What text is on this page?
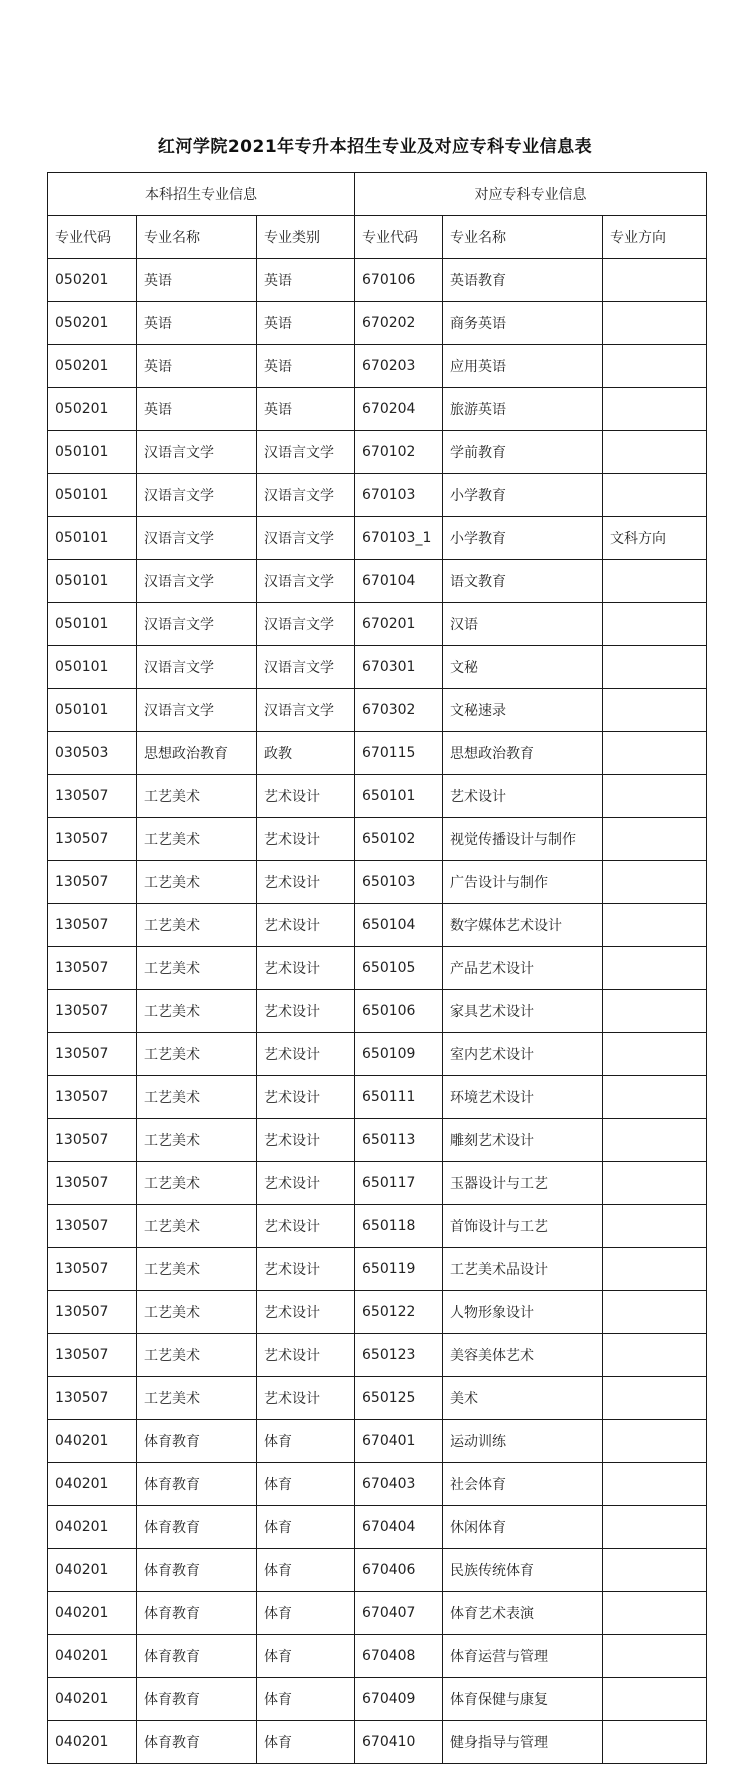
红河学院2021年专升本招生专业及对应专科专业信息表
本科招生专业信息			对应专科专业信息		
专业代码	专业名称	专业类别	专业代码	专业名称	专业方向
050201	英语	英语	670106	英语教育	
050201	英语	英语	670202	商务英语	
050201	英语	英语	670203	应用英语	
050201	英语	英语	670204	旅游英语	
050101	汉语言文学	汉语言文学	670102	学前教育	
050101	汉语言文学	汉语言文学	670103	小学教育	
050101	汉语言文学	汉语言文学	670103_1	小学教育	文科方向
050101	汉语言文学	汉语言文学	670104	语文教育	
050101	汉语言文学	汉语言文学	670201	汉语	
050101	汉语言文学	汉语言文学	670301	文秘	
050101	汉语言文学	汉语言文学	670302	文秘速录	
030503	思想政治教育	政教	670115	思想政治教育	
130507	工艺美术	艺术设计	650101	艺术设计	
130507	工艺美术	艺术设计	650102	视觉传播设计与制作	
130507	工艺美术	艺术设计	650103	广告设计与制作	
130507	工艺美术	艺术设计	650104	数字媒体艺术设计	
130507	工艺美术	艺术设计	650105	产品艺术设计	
130507	工艺美术	艺术设计	650106	家具艺术设计	
130507	工艺美术	艺术设计	650109	室内艺术设计	
130507	工艺美术	艺术设计	650111	环境艺术设计	
130507	工艺美术	艺术设计	650113	雕刻艺术设计	
130507	工艺美术	艺术设计	650117	玉器设计与工艺	
130507	工艺美术	艺术设计	650118	首饰设计与工艺	
130507	工艺美术	艺术设计	650119	工艺美术品设计	
130507	工艺美术	艺术设计	650122	人物形象设计	
130507	工艺美术	艺术设计	650123	美容美体艺术	
130507	工艺美术	艺术设计	650125	美术	
040201	体育教育	体育	670401	运动训练	
040201	体育教育	体育	670403	社会体育	
040201	体育教育	体育	670404	休闲体育	
040201	体育教育	体育	670406	民族传统体育	
040201	体育教育	体育	670407	体育艺术表演	
040201	体育教育	体育	670408	体育运营与管理	
040201	体育教育	体育	670409	体育保健与康复	
040201	体育教育	体育	670410	健身指导与管理	
